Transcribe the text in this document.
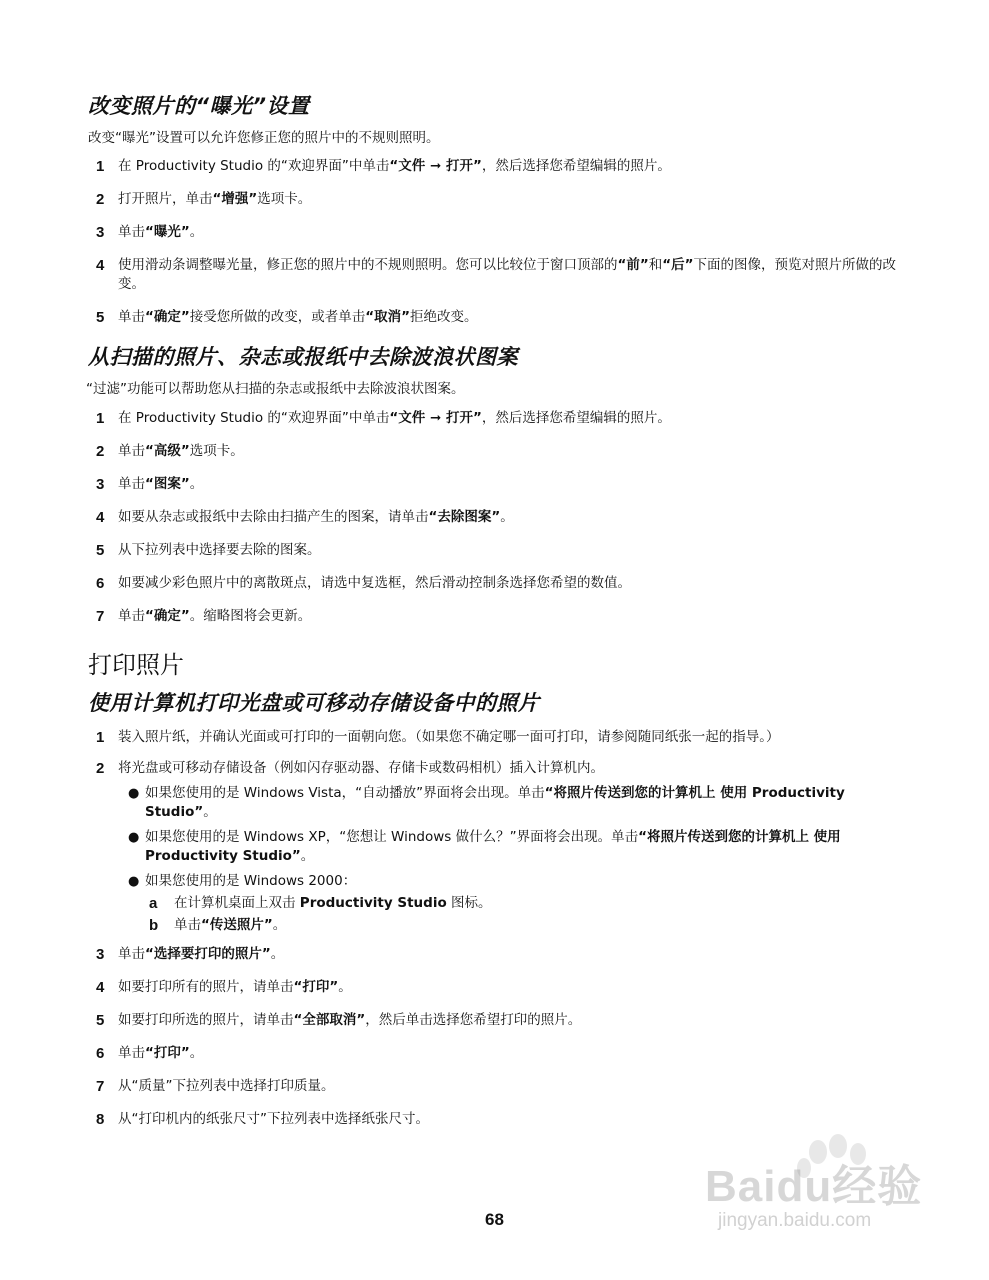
改变照片的“曝光”设置

改变“曝光”设置可以允许您修正您的照片中的不规则照明。

1 在 Productivity Studio 的“欢迎界面”中单击“文件 ➞ 打开”，然后选择您希望编辑的照片。
2 打开照片，单击“增强”选项卡。
3 单击“曝光”。
4 使用滑动条调整曝光量，修正您的照片中的不规则照明。您可以比较位于窗口顶部的“前”和“后”下面的图像，预览对照片所做的改变。
5 单击“确定”接受您所做的改变，或者单击“取消”拒绝改变。
从扫描的照片、杂志或报纸中去除波浪状图案

“过滤”功能可以帮助您从扫描的杂志或报纸中去除波浪状图案。

1 在 Productivity Studio 的“欢迎界面”中单击“文件 ➞ 打开”，然后选择您希望编辑的照片。
2 单击“高级”选项卡。
3 单击“图案”。
4 如要从杂志或报纸中去除由扫描产生的图案，请单击“去除图案”。
5 从下拉列表中选择要去除的图案。
6 如要减少彩色照片中的离散斑点，请选中复选框，然后滑动控制条选择您希望的数值。
7 单击“确定”。缩略图将会更新。
打印照片
使用计算机打印光盘或可移动存储设备中的照片
1 装入照片纸，并确认光面或可打印的一面朝向您。（如果您不确定哪一面可打印，请参阅随同纸张一起的指导。）
2 将光盘或可移动存储设备（例如闪存驱动器、存储卡或数码相机）插入计算机内。
● 如果您使用的是 Windows Vista，“自动播放”界面将会出现。单击“将照片传送到您的计算机上 使用 Productivity Studio”。
● 如果您使用的是 Windows XP，“您想让 Windows 做什么？”界面将会出现。单击“将照片传送到您的计算机上 使用 Productivity Studio”。
● 如果您使用的是 Windows 2000：
a 在计算机桌面上双击 Productivity Studio 图标。
b 单击“传送照片”。
3 单击“选择要打印的照片”。
4 如要打印所有的照片，请单击“打印”。
5 如要打印所选的照片，请单击“全部取消”，然后单击选择您希望打印的照片。
6 单击“打印”。
7 从“质量”下拉列表中选择打印质量。
8 从“打印机内的纸张尺寸”下拉列表中选择纸张尺寸。
68
Baidu经验
jingyan.baidu.com
